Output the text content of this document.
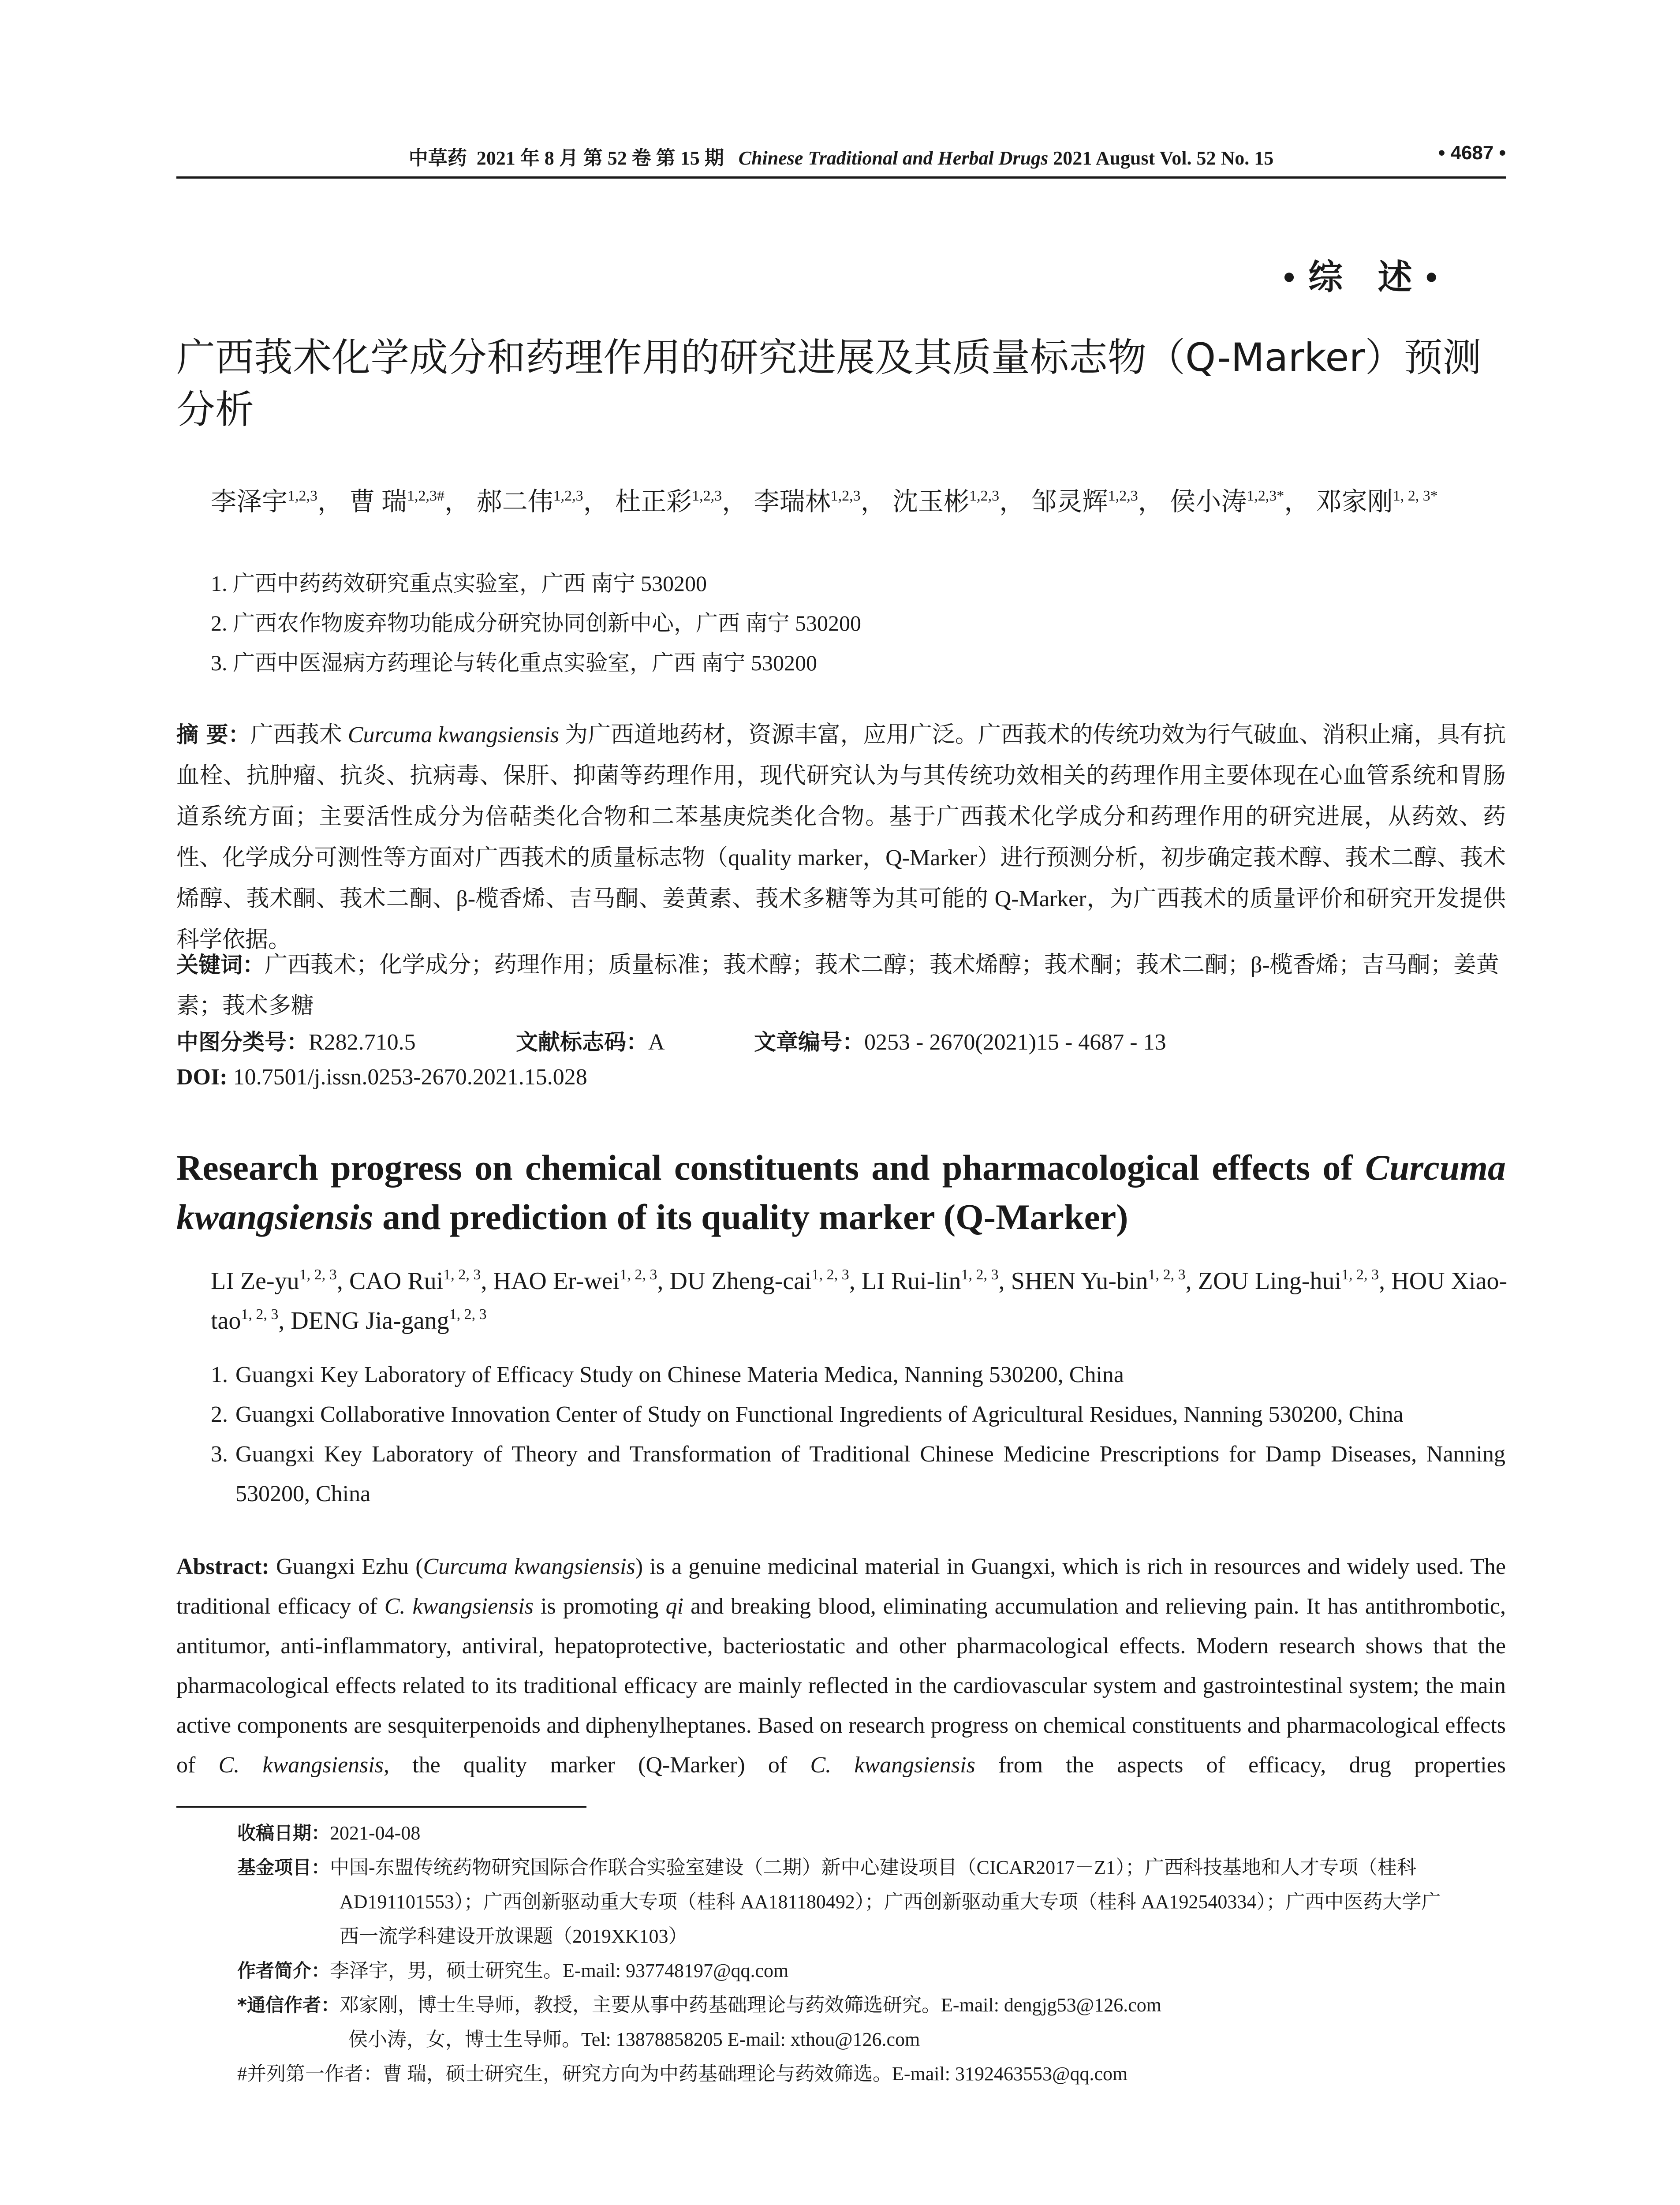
中草药 2021 年 8 月 第 52 卷 第 15 期 Chinese Traditional and Herbal Drugs 2021 August Vol. 52 No. 15	• 4687 •
•综 述•
广西莪术化学成分和药理作用的研究进展及其质量标志物（Q-Marker）预测分析
李泽宇$^{1,2,3}$， 曹 瑞$^{1,2,3\#}$， 郝二伟$^{1,2,3}$， 杜正彩$^{1,2,3}$， 李瑞林$^{1,2,3}$， 沈玉彬$^{1,2,3}$， 邹灵辉$^{1,2,3}$， 侯小涛$^{1,2,3*}$， 邓家刚$^{1, 2, 3*}$
1. 广西中药药效研究重点实验室，广西 南宁 530200
2. 广西农作物废弃物功能成分研究协同创新中心，广西 南宁 530200
3. 广西中医湿病方药理论与转化重点实验室，广西 南宁 530200
摘 要：广西莪术 Curcuma kwangsiensis 为广西道地药材，资源丰富，应用广泛。广西莪术的传统功效为行气破血、消积止痛，具有抗血栓、抗肿瘤、抗炎、抗病毒、保肝、抑菌等药理作用，现代研究认为与其传统功效相关的药理作用主要体现在心血管系统和胃肠道系统方面；主要活性成分为倍萜类化合物和二苯基庚烷类化合物。基于广西莪术化学成分和药理作用的研究进展，从药效、药性、化学成分可测性等方面对广西莪术的质量标志物（quality marker，Q-Marker）进行预测分析，初步确定莪术醇、莪术二醇、莪术烯醇、莪术酮、莪术二酮、β-榄香烯、吉马酮、姜黄素、莪术多糖等为其可能的 Q-Marker，为广西莪术的质量评价和研究开发提供科学依据。
关键词：广西莪术；化学成分；药理作用；质量标准；莪术醇；莪术二醇；莪术烯醇；莪术酮；莪术二酮；β-榄香烯；吉马酮；姜黄素；莪术多糖
中图分类号：R282.710.5	文献标志码：A	文章编号：0253 - 2670(2021)15 - 4687 - 13
DOI: 10.7501/j.issn.0253-2670.2021.15.028
Research progress on chemical constituents and pharmacological effects of Curcuma kwangsiensis and prediction of its quality marker (Q-Marker)
LI Ze-yu$^{1, 2, 3}$, CAO Rui$^{1, 2, 3}$, HAO Er-wei$^{1, 2, 3}$, DU Zheng-cai$^{1, 2, 3}$, LI Rui-lin$^{1, 2, 3}$, SHEN Yu-bin$^{1, 2, 3}$, ZOU Ling-hui$^{1, 2, 3}$, HOU Xiao-tao$^{1, 2, 3}$, DENG Jia-gang$^{1, 2, 3}$
1. Guangxi Key Laboratory of Efficacy Study on Chinese Materia Medica, Nanning 530200, China
2. Guangxi Collaborative Innovation Center of Study on Functional Ingredients of Agricultural Residues, Nanning 530200, China
3. Guangxi Key Laboratory of Theory and Transformation of Traditional Chinese Medicine Prescriptions for Damp Diseases, Nanning 530200, China
Abstract: Guangxi Ezhu (Curcuma kwangsiensis) is a genuine medicinal material in Guangxi, which is rich in resources and widely used. The traditional efficacy of C. kwangsiensis is promoting qi and breaking blood, eliminating accumulation and relieving pain. It has antithrombotic, antitumor, anti-inflammatory, antiviral, hepatoprotective, bacteriostatic and other pharmacological effects. Modern research shows that the pharmacological effects related to its traditional efficacy are mainly reflected in the cardiovascular system and gastrointestinal system; the main active components are sesquiterpenoids and diphenylheptanes. Based on research progress on chemical constituents and pharmacological effects of C. kwangsiensis, the quality marker (Q-Marker) of C. kwangsiensis from the aspects of efficacy, drug properties
收稿日期：2021-04-08
基金项目：中国-东盟传统药物研究国际合作联合实验室建设（二期）新中心建设项目（CICAR2017－Z1）；广西科技基地和人才专项（桂科
AD191101553）；广西创新驱动重大专项（桂科 AA181180492）；广西创新驱动重大专项（桂科 AA192540334）；广西中医药大学广
西一流学科建设开放课题（2019XK103）
作者简介：李泽宇，男，硕士研究生。E-mail: 937748197@qq.com
*通信作者：邓家刚，博士生导师，教授，主要从事中药基础理论与药效筛选研究。E-mail: dengjg53@126.com
侯小涛，女，博士生导师。Tel: 13878858205 E-mail: xthou@126.com
#并列第一作者：曹 瑞，硕士研究生，研究方向为中药基础理论与药效筛选。E-mail: 3192463553@qq.com
